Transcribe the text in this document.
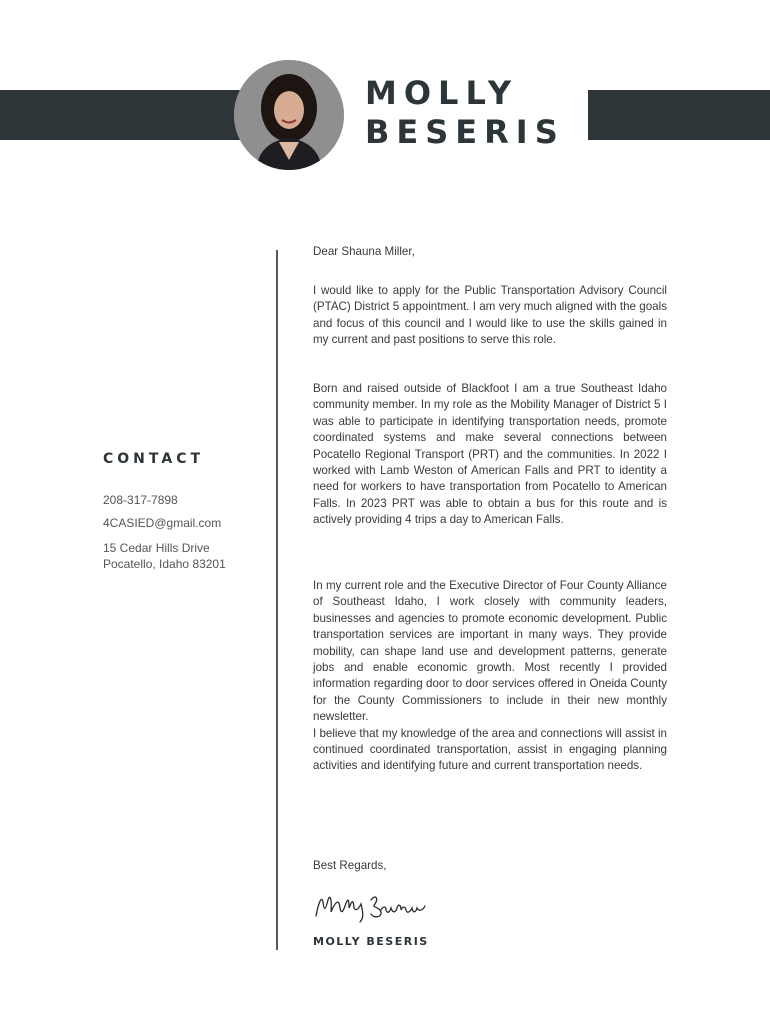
MOLLY
BESERIS
CONTACT
208-317-7898
4CASIED@gmail.com
15 Cedar Hills Drive
Pocatello, Idaho 83201

Dear Shauna Miller,

I would like to apply for the Public Transportation Advisory Council (PTAC) District 5 appointment. I am very much aligned with the goals and focus of this council and I would like to use the skills gained in my current and past positions to serve this role.

Born and raised outside of Blackfoot I am a true Southeast Idaho community member. In my role as the Mobility Manager of District 5 I was able to participate in identifying transportation needs, promote coordinated systems and make several connections between Pocatello Regional Transport (PRT) and the communities. In 2022 I worked with Lamb Weston of American Falls and PRT to identity a need for workers to have transportation from Pocatello to American Falls. In 2023 PRT was able to obtain a bus for this route and is actively providing 4 trips a day to American Falls.

In my current role and the Executive Director of Four County Alliance of Southeast Idaho, I work closely with community leaders, businesses and agencies to promote economic development. Public transportation services are important in many ways. They provide mobility, can shape land use and development patterns, generate jobs and enable economic growth. Most recently I provided information regarding door to door services offered in Oneida County for the County Commissioners to include in their new monthly newsletter.

I believe that my knowledge of the area and connections will assist in continued coordinated transportation, assist in engaging planning activities and identifying future and current transportation needs.

Best Regards,

MOLLY BESERIS
